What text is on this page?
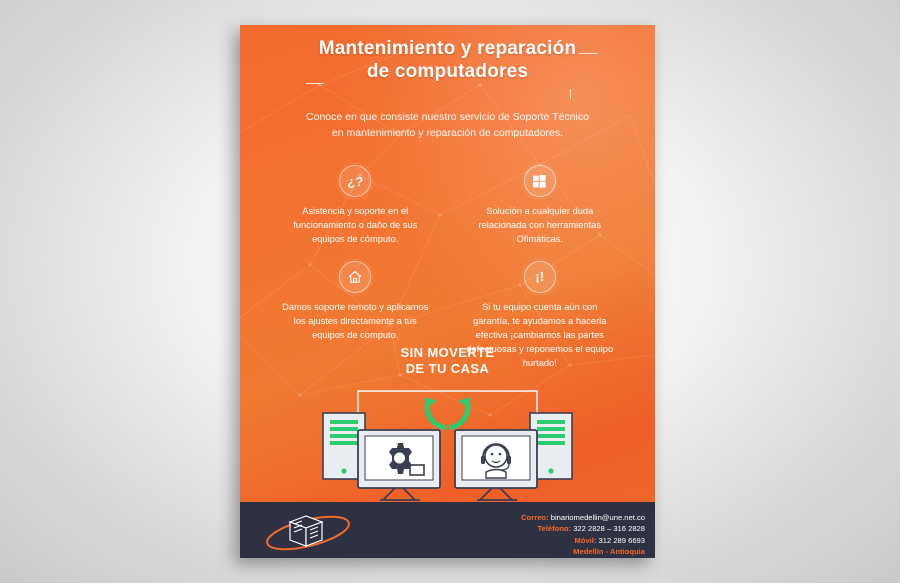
Mantenimiento y reparación
de computadores
Conoce en que consiste nuestro servicio de Soporte Técnico en mantenimiento y reparación de computadores.
¿?
Asistencia y soporte en el funcionamiento o daño de sus equipos de cómputo.
Solución a cualquier duda relacionada con herramientas Ofimáticas.
Damos soporte remoto y aplicamos los ajustes directamente a tus equipos de computo.
¡!
Si tu equipo cuenta aún con garantía, te ayudamos a hacerla efectiva ¡cambiamos las partes defectuosas y reponemos el equipo hurtado!
SIN MOVERTE
DE TU CASA
Correo: binariomedellin@une.net.co
Teléfono: 322 2828 – 316 2828
Móvil: 312 289 6693
Medellín - Antioquia
